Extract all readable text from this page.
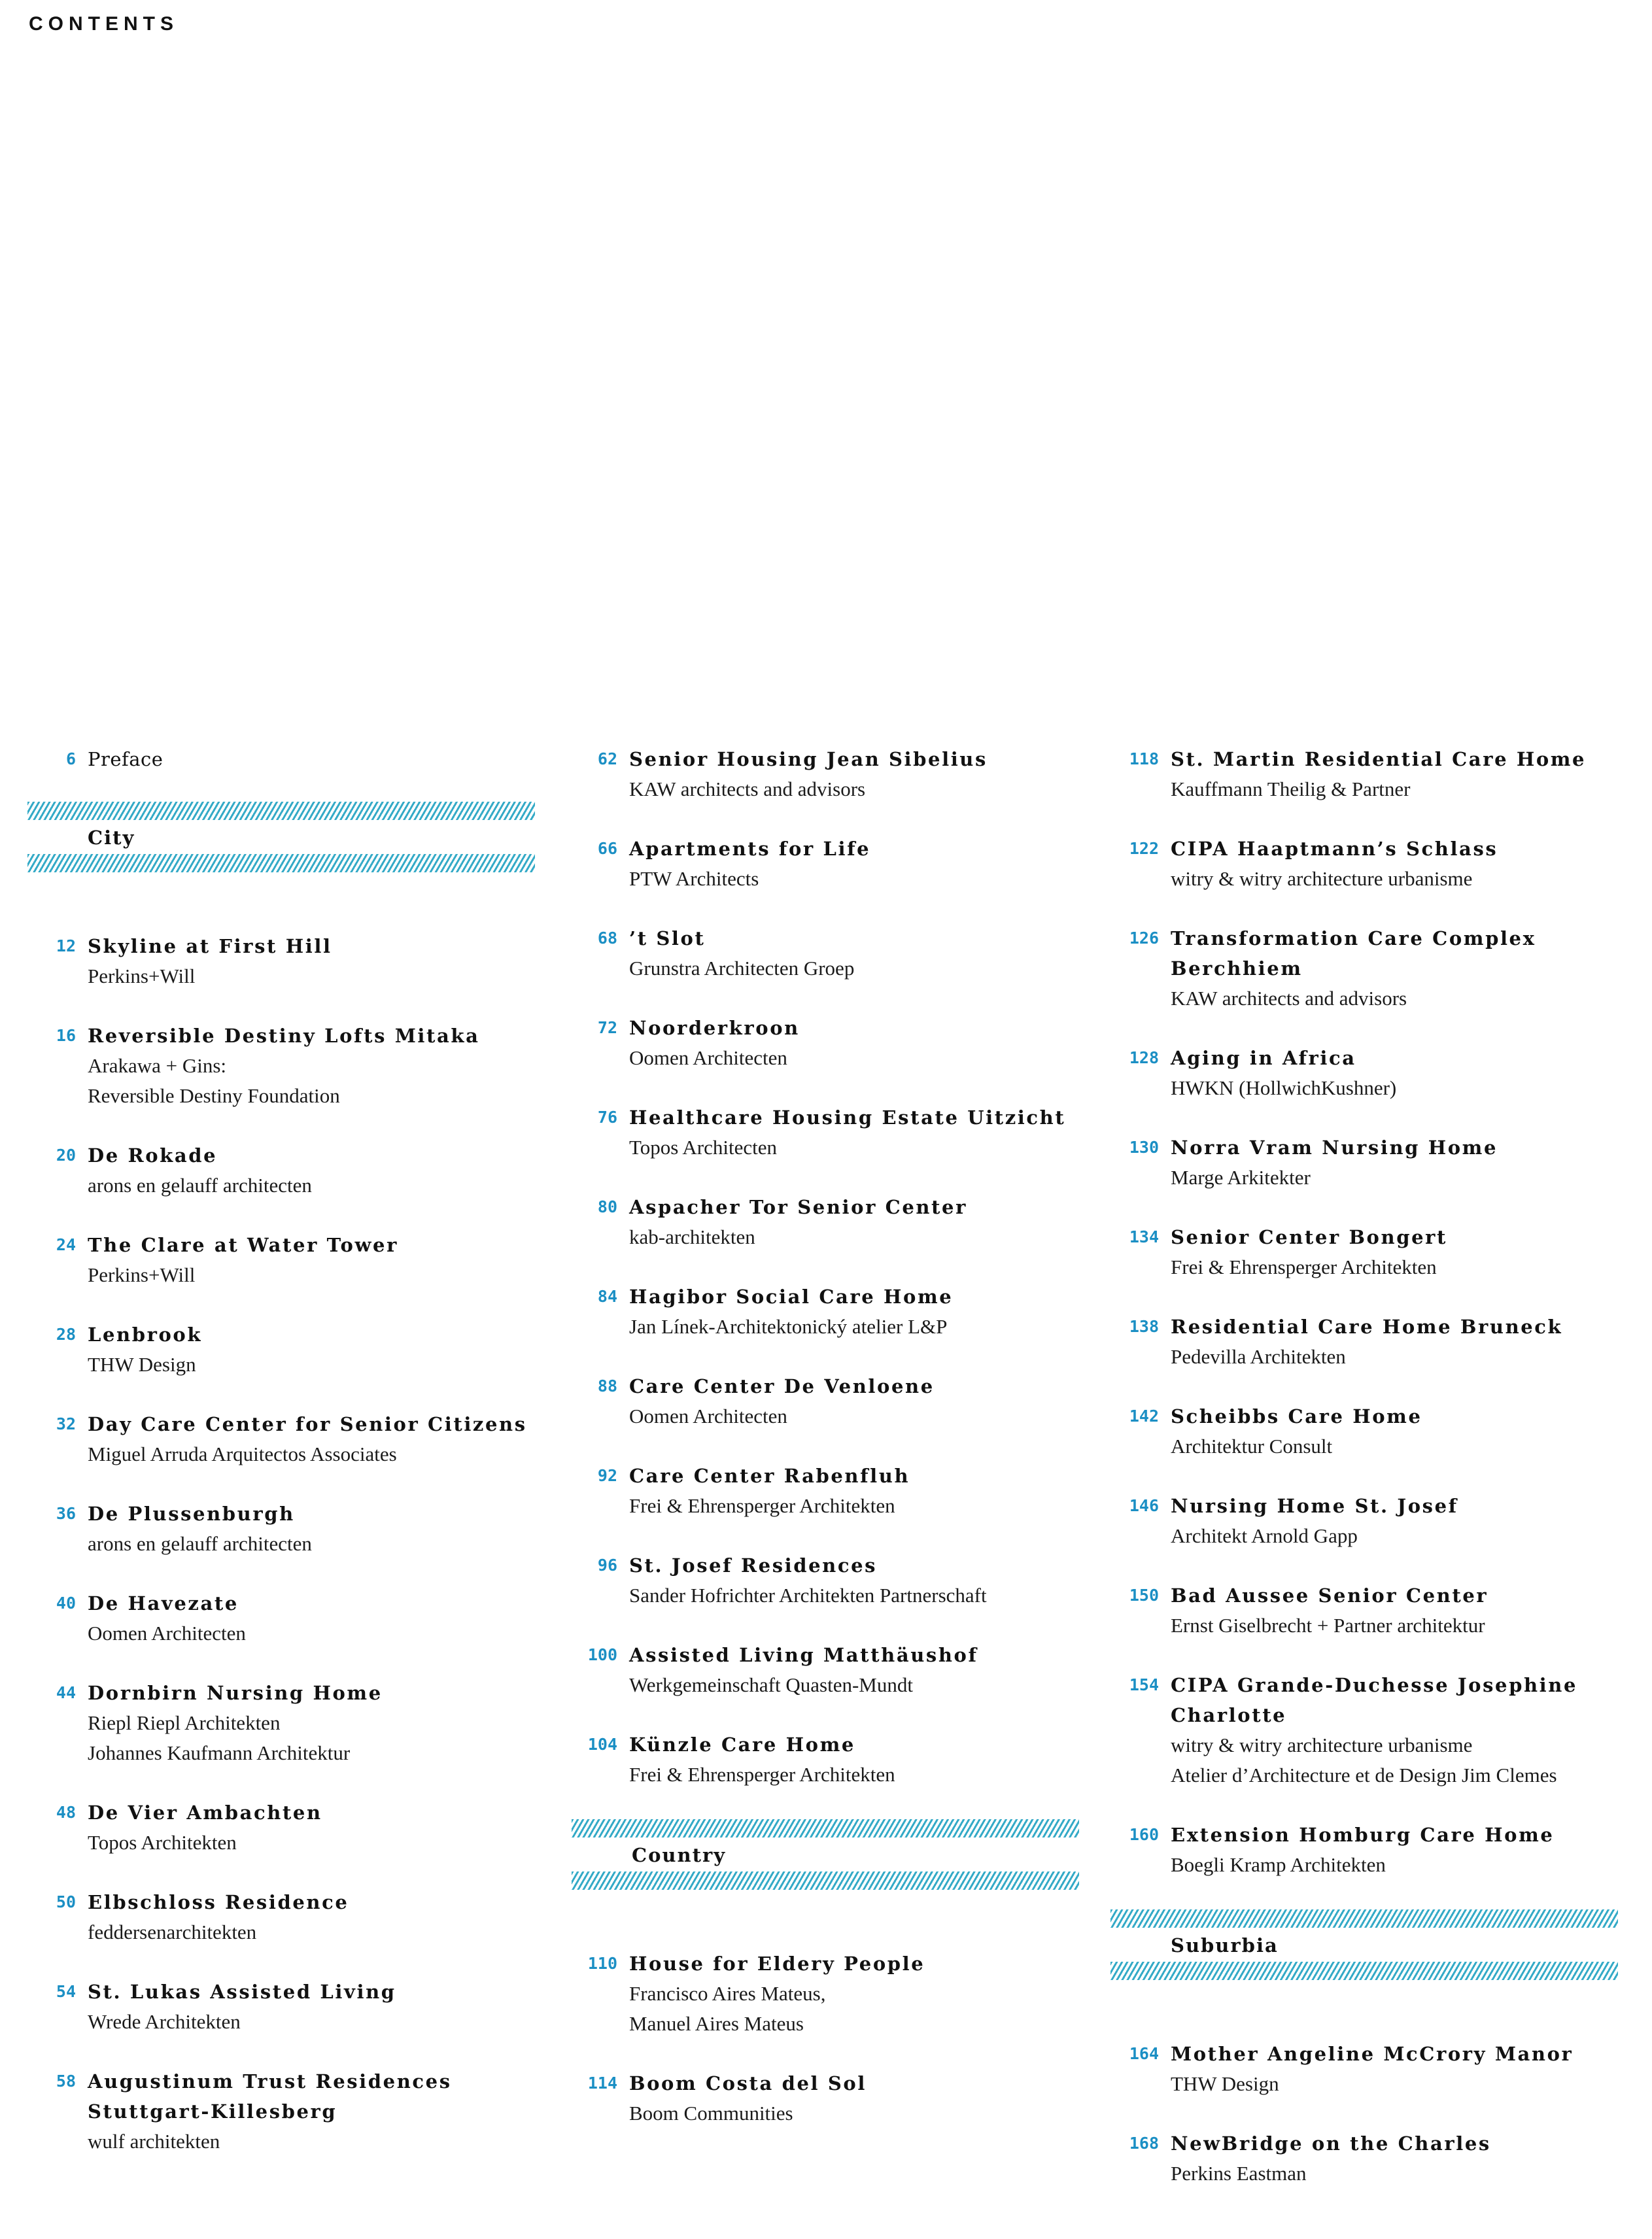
CONTENTS
6 Preface
City
12 Skyline at First Hill
Perkins+Will
16 Reversible Destiny Lofts Mitaka
Arakawa + Gins:
Reversible Destiny Foundation
20 De Rokade
arons en gelauff architecten
24 The Clare at Water Tower
Perkins+Will
28 Lenbrook
THW Design
32 Day Care Center for Senior Citizens
Miguel Arruda Arquitectos Associates
36 De Plussenburgh
arons en gelauff architecten
40 De Havezate
Oomen Architecten
44 Dornbirn Nursing Home
Riepl Riepl Architekten
Johannes Kaufmann Architektur
48 De Vier Ambachten
Topos Architekten
50 Elbschloss Residence
feddersenarchitekten
54 St. Lukas Assisted Living
Wrede Architekten
58 Augustinum Trust Residences
Stuttgart-Killesberg
wulf architekten
62 Senior Housing Jean Sibelius
KAW architects and advisors
66 Apartments for Life
PTW Architects
68 ’t Slot
Grunstra Architecten Groep
72 Noorderkroon
Oomen Architecten
76 Healthcare Housing Estate Uitzicht
Topos Architecten
80 Aspacher Tor Senior Center
kab-architekten
84 Hagibor Social Care Home
Jan Línek-Architektonický atelier L&P
88 Care Center De Venloene
Oomen Architecten
92 Care Center Rabenfluh
Frei & Ehrensperger Architekten
96 St. Josef Residences
Sander Hofrichter Architekten Partnerschaft
100 Assisted Living Matthäushof
Werkgemeinschaft Quasten-Mundt
104 Künzle Care Home
Frei & Ehrensperger Architekten
Country
110 House for Eldery People
Francisco Aires Mateus,
Manuel Aires Mateus
114 Boom Costa del Sol
Boom Communities
118 St. Martin Residential Care Home
Kauffmann Theilig & Partner
122 CIPA Haaptmann’s Schlass
witry & witry architecture urbanisme
126 Transformation Care Complex
Berchhiem
KAW architects and advisors
128 Aging in Africa
HWKN (HollwichKushner)
130 Norra Vram Nursing Home
Marge Arkitekter
134 Senior Center Bongert
Frei & Ehrensperger Architekten
138 Residential Care Home Bruneck
Pedevilla Architekten
142 Scheibbs Care Home
Architektur Consult
146 Nursing Home St. Josef
Architekt Arnold Gapp
150 Bad Aussee Senior Center
Ernst Giselbrecht + Partner architektur
154 CIPA Grande-Duchesse Josephine
Charlotte
witry & witry architecture urbanisme
Atelier d’Architecture et de Design Jim Clemes
160 Extension Homburg Care Home
Boegli Kramp Architekten
Suburbia
164 Mother Angeline McCrory Manor
THW Design
168 NewBridge on the Charles
Perkins Eastman
